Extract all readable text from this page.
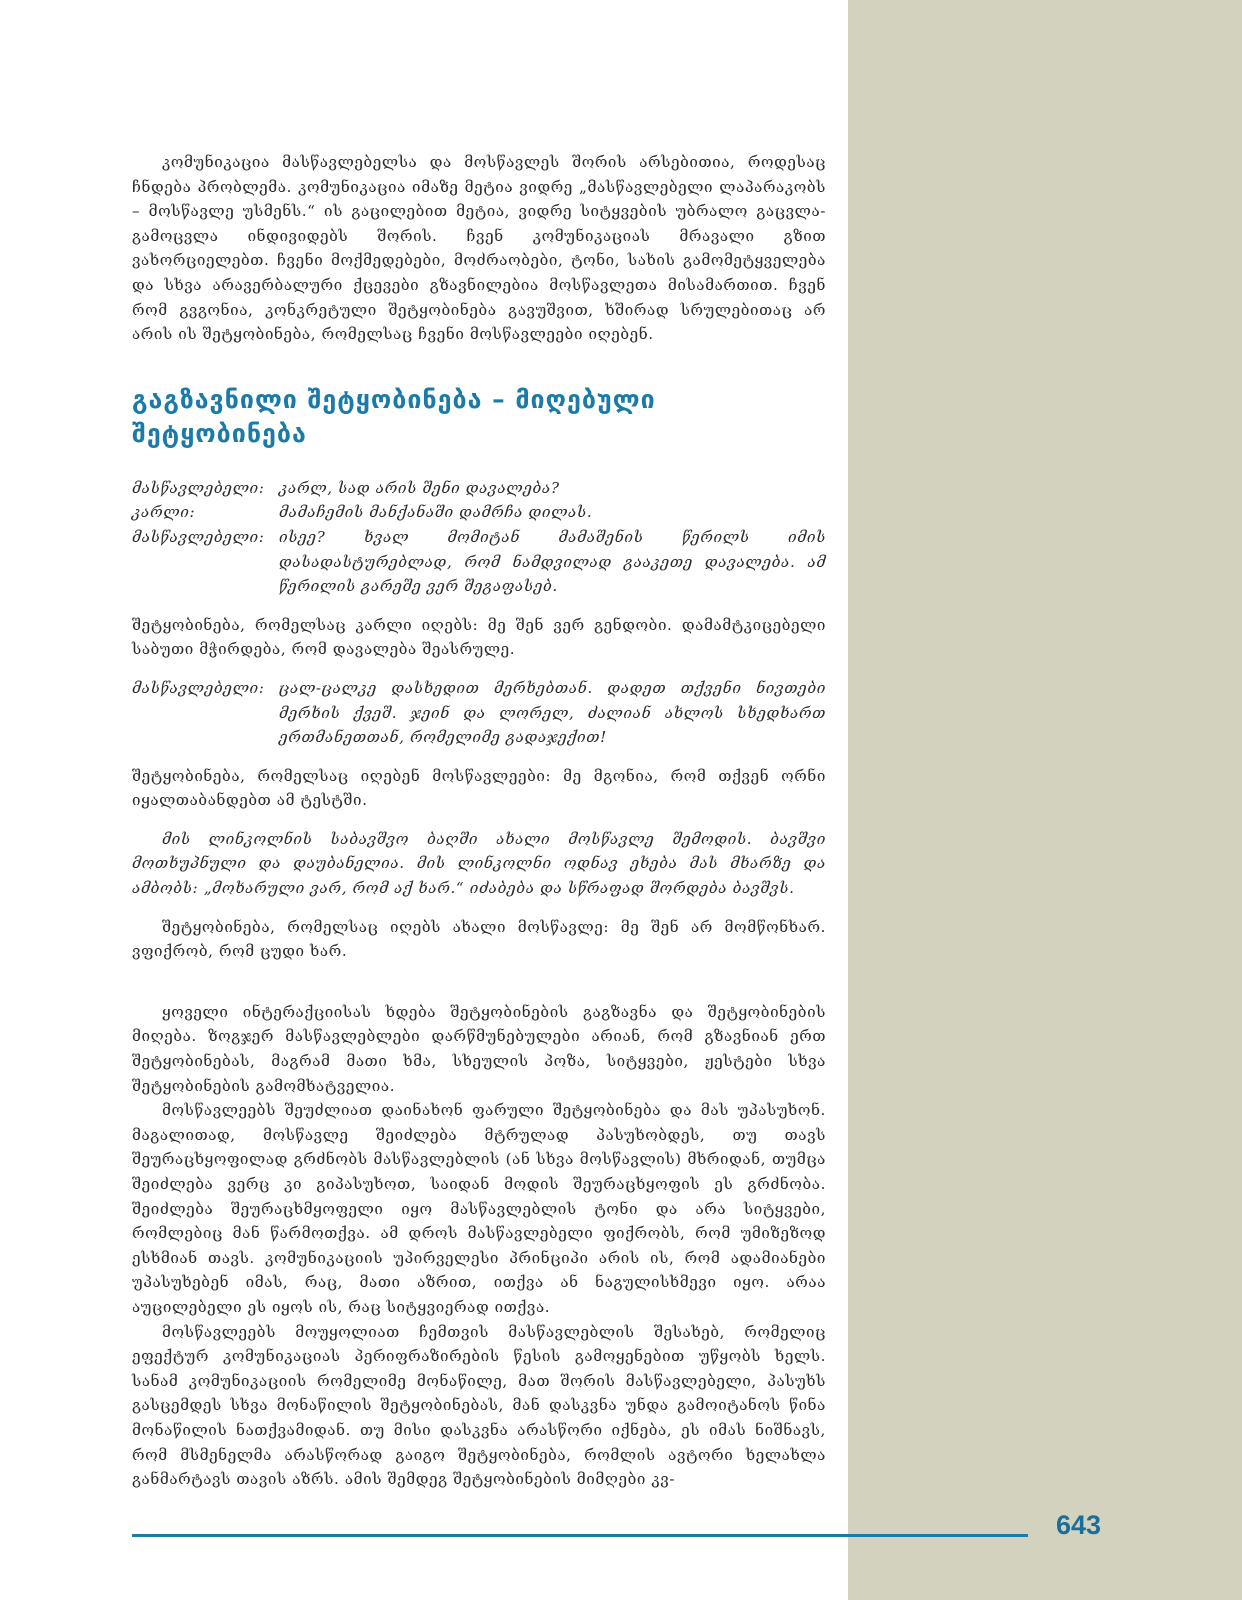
კომუნიკაცია მასწავლებელსა და მოსწავლეს შორის არსებითია, როდესაც ჩნდება პრობლემა. კომუნიკაცია იმაზე მეტია ვიდრე „მასწავლებელი ლაპარაკობს – მოსწავლე უსმენს.“ ის გაცილებით მეტია, ვიდრე სიტყვების უბრალო გაცვლა-გამოცვლა ინდივიდებს შორის. ჩვენ კომუნიკაციას მრავალი გზით ვახორციელებთ. ჩვენი მოქმედებები, მოძრაობები, ტონი, სახის გამომეტყველება და სხვა არავერბალური ქცევები გზავნილებია მოსწავლეთა მისამართით. ჩვენ რომ გვგონია, კონკრეტული შეტყობინება გავუშვით, ხშირად სრულებითაც არ არის ის შეტყობინება, რომელსაც ჩვენი მოსწავლეები იღებენ.

გაგზავნილი შეტყობინება – მიღებული შეტყობინება
მასწავლებელი: კარლ, სად არის შენი დავალება?
კარლი:	მამაჩემის მანქანაში დამრჩა დილას.
მასწავლებელი: ისეე? ხვალ მომიტან მამაშენის წერილს იმის დასადასტურებლად, რომ ნამდვილად გააკეთე დავალება. ამ წერილის გარეშე ვერ შეგაფასებ.

შეტყობინება, რომელსაც კარლი იღებს: მე შენ ვერ გენდობი. დამამტკიცებელი საბუთი მჭირდება, რომ დავალება შეასრულე.

მასწავლებელი: ცალ-ცალკე დასხედით მერხებთან. დადეთ თქვენი ნივთები მერხის ქვეშ. ჯეინ და ლორელ, ძალიან ახლოს სხედხართ ერთმანეთთან, რომელიმე გადაჯექით!

შეტყობინება, რომელსაც იღებენ მოსწავლეები: მე მგონია, რომ თქვენ ორნი იყალთაბანდებთ ამ ტესტში.

მის ლინკოლნის საბავშვო ბაღში ახალი მოსწავლე შემოდის. ბავშვი მოთხუპნული და დაუბანელია. მის ლინკოლნი ოდნავ ეხება მას მხარზე და ამბობს: „მოხარული ვარ, რომ აქ ხარ.“ იძაბება და სწრაფად შორდება ბავშვს.

შეტყობინება, რომელსაც იღებს ახალი მოსწავლე: მე შენ არ მომწონხარ. ვფიქრობ, რომ ცუდი ხარ.

ყოველი ინტერაქციისას ხდება შეტყობინების გაგზავნა და შეტყობინების მიღება. ზოგჯერ მასწავლებლები დარწმუნებულები არიან, რომ გზავნიან ერთ შეტყობინებას, მაგრამ მათი ხმა, სხეულის პოზა, სიტყვები, ჟესტები სხვა შეტყობინების გამომხატველია.

მოსწავლეებს შეუძლიათ დაინახონ ფარული შეტყობინება და მას უპასუხონ. მაგალითად, მოსწავლე შეიძლება მტრულად პასუხობდეს, თუ თავს შეურაცხყოფილად გრძნობს მასწავლებლის (ან სხვა მოსწავლის) მხრიდან, თუმცა შეიძლება ვერც კი გიპასუხოთ, საიდან მოდის შეურაცხყოფის ეს გრძნობა. შეიძლება შეურაცხმყოფელი იყო მასწავლებლის ტონი და არა სიტყვები, რომლებიც მან წარმოთქვა. ამ დროს მასწავლებელი ფიქრობს, რომ უმიზეზოდ ესხმიან თავს. კომუნიკაციის უპირველესი პრინციპი არის ის, რომ ადამიანები უპასუხებენ იმას, რაც, მათი აზრით, ითქვა ან ნაგულისხმევი იყო. არაა აუცილებელი ეს იყოს ის, რაც სიტყვიერად ითქვა.

მოსწავლეებს მოუყოლიათ ჩემთვის მასწავლებლის შესახებ, რომელიც ეფექტურ კომუნიკაციას პერიფრაზირების წესის გამოყენებით უწყობს ხელს. სანამ კომუნიკაციის რომელიმე მონაწილე, მათ შორის მასწავლებელი, პასუხს გასცემდეს სხვა მონაწილის შეტყობინებას, მან დასკვნა უნდა გამოიტანოს წინა მონაწილის ნათქვამიდან. თუ მისი დასკვნა არასწორი იქნება, ეს იმას ნიშნავს, რომ მსმენელმა არასწორად გაიგო შეტყობინება, რომლის ავტორი ხელახლა განმარტავს თავის აზრს. ამის შემდეგ შეტყობინების მიმღები კვ-

643
